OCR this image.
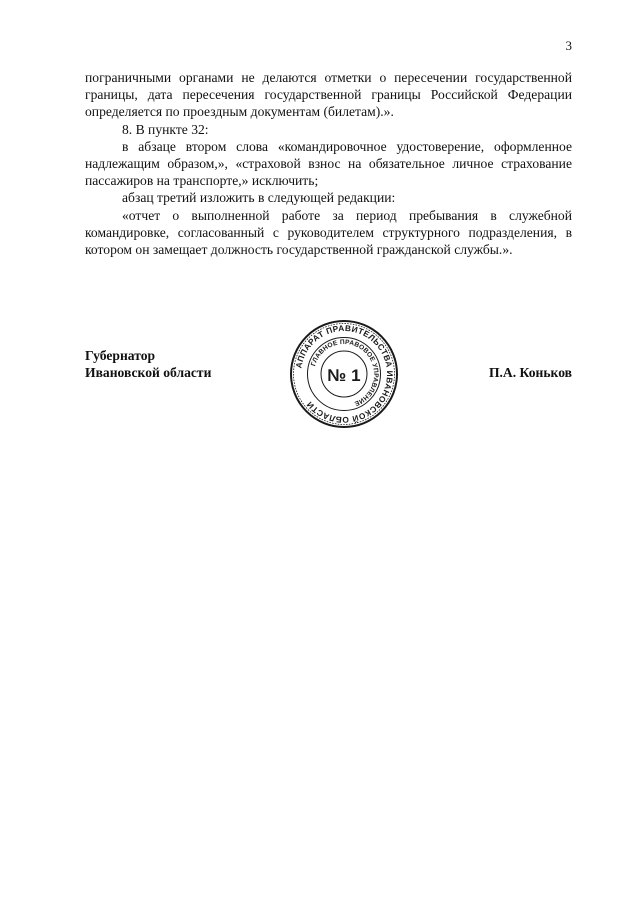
3

пограничными органами не делаются отметки о пересечении государственной границы, дата пересечения государственной границы Российской Федерации определяется по проездным документам (билетам).».

8. В пункте 32:

в абзаце втором слова «командировочное удостоверение, оформленное надлежащим образом,», «страховой взнос на обязательное личное страхование пассажиров на транспорте,» исключить;

абзац третий изложить в следующей редакции:

«отчет о выполненной работе за период пребывания в служебной командировке, согласованный с руководителем структурного подразделения, в котором он замещает должность государственной гражданской службы.».

Губернатор
Ивановской области	П.А. Коньков
АППАРАТ ПРАВИТЕЛЬСТВА ИВАНОВСКОЙ ОБЛАСТИ
ГЛАВНОЕ ПРАВОВОЕ УПРАВЛЕНИЕ
№ 1
